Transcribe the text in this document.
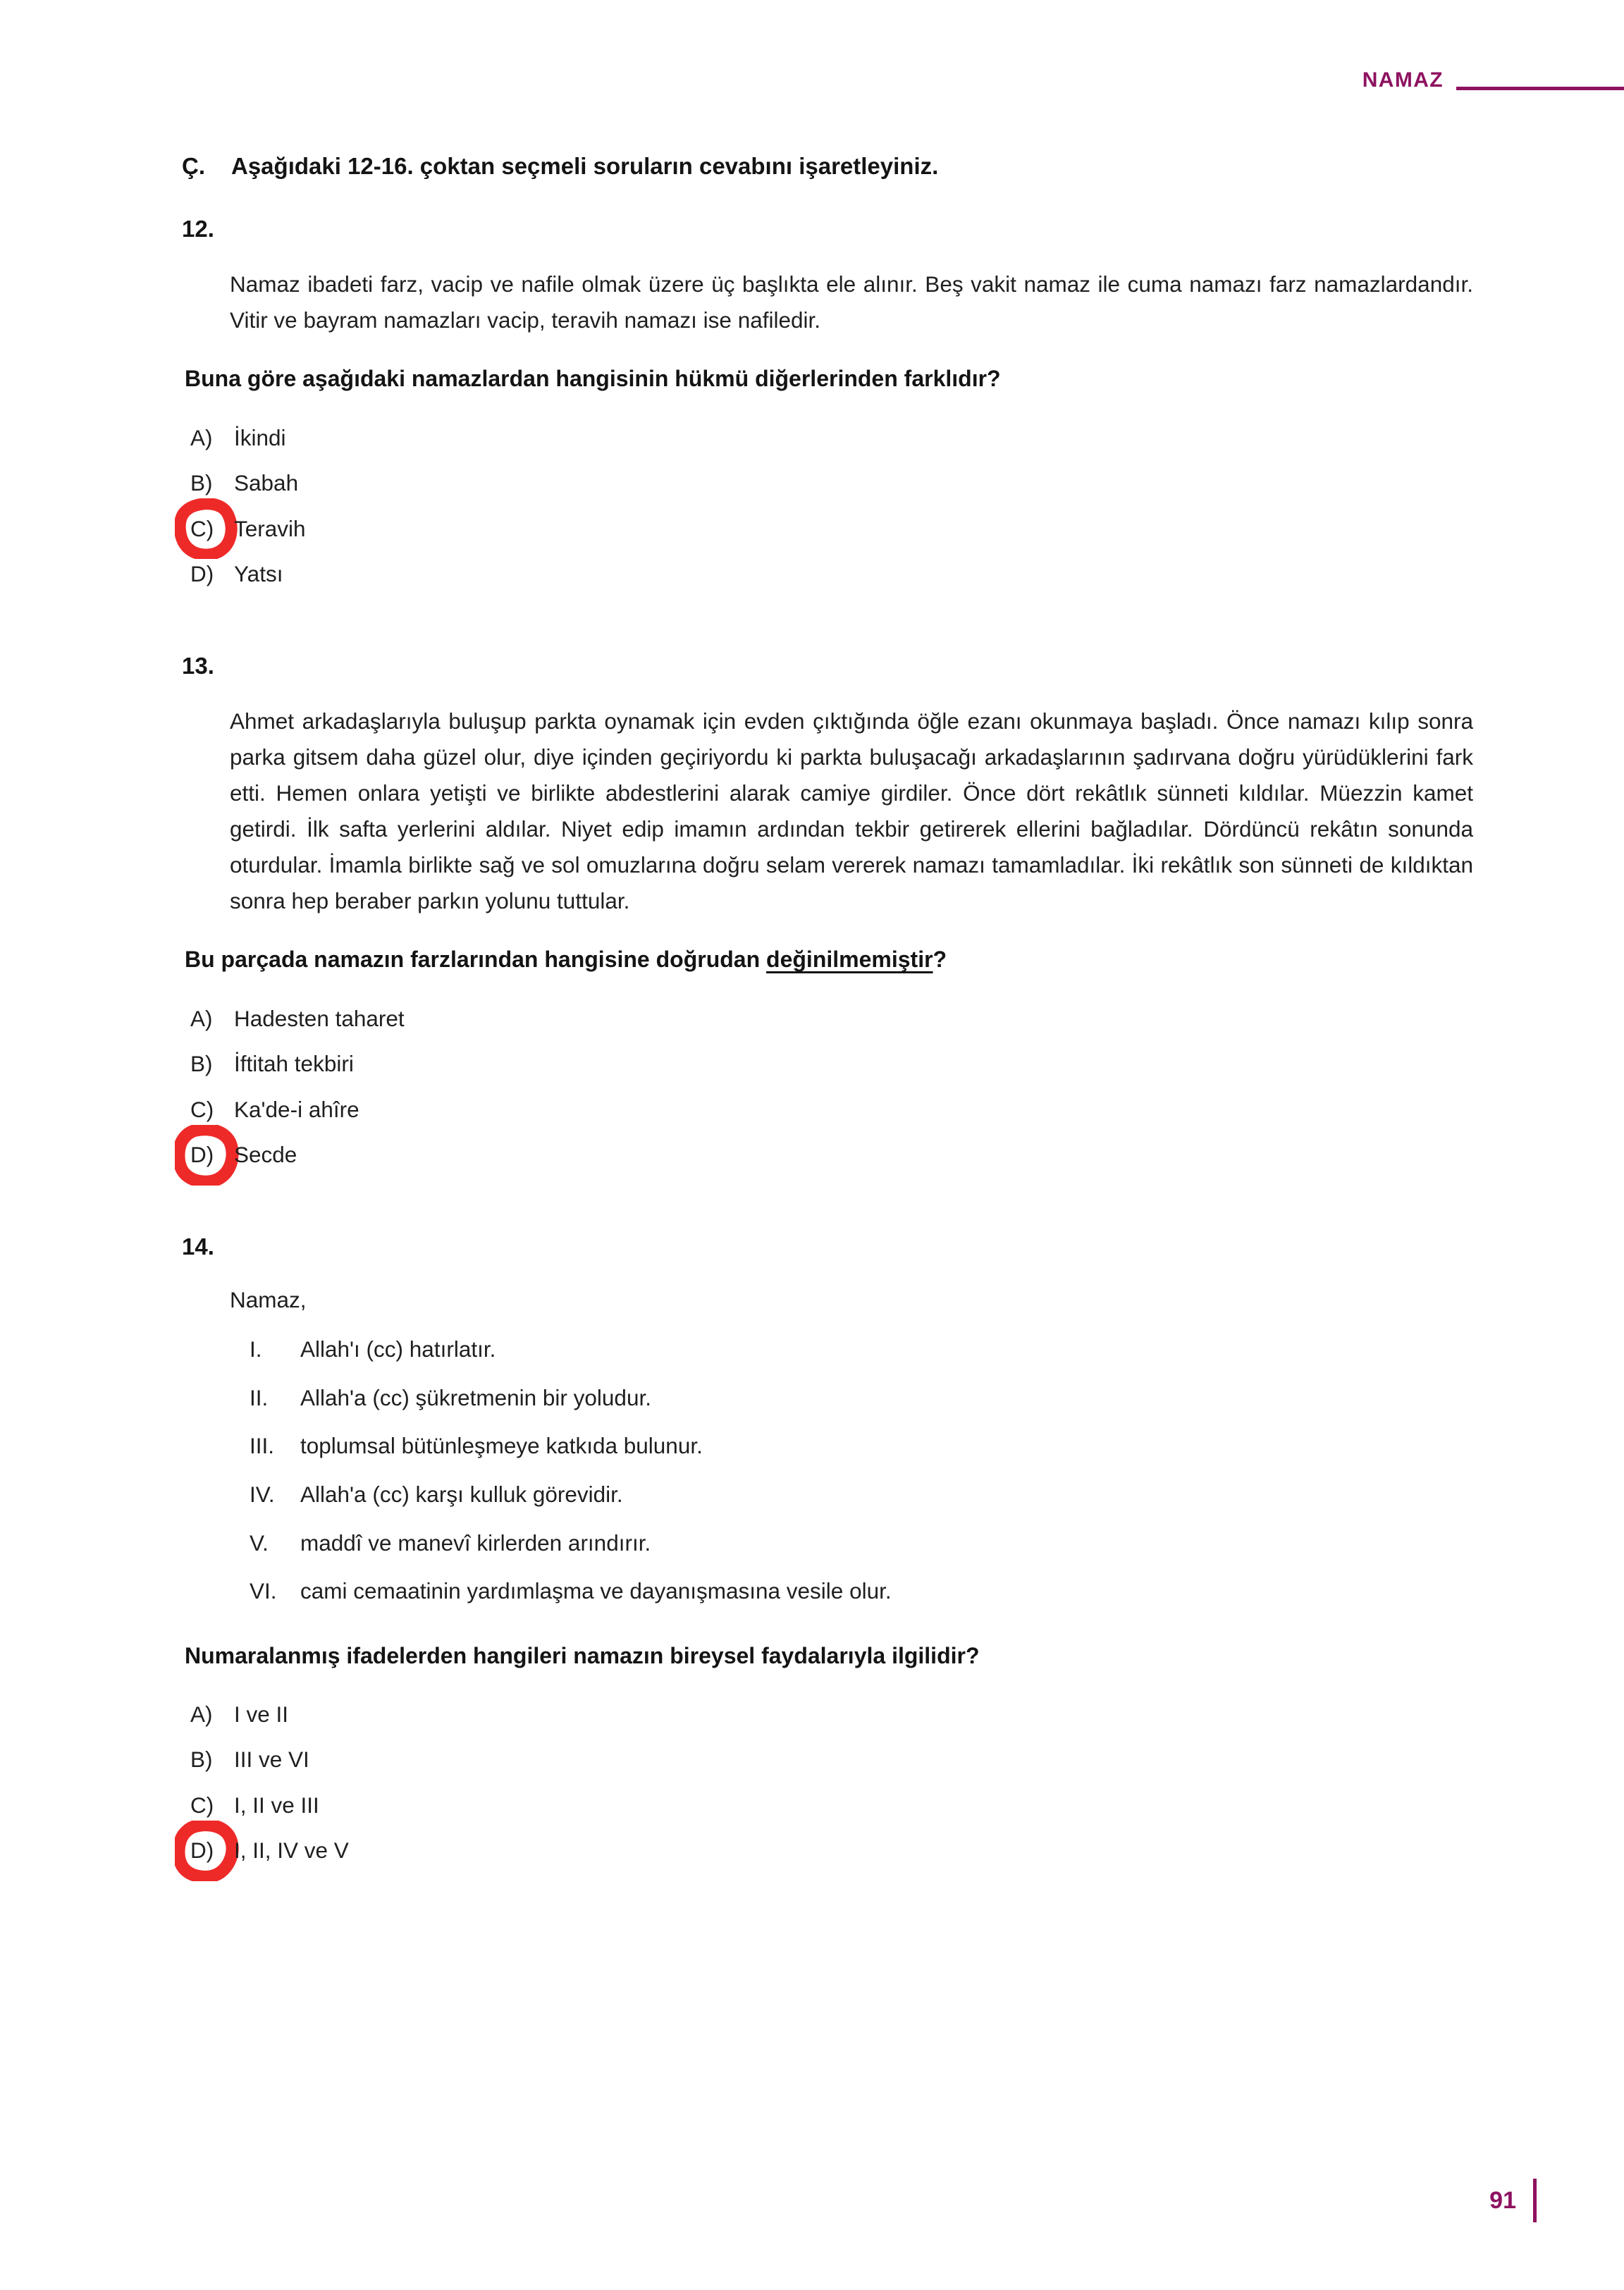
NAMAZ
Ç.	Aşağıdaki 12-16. çoktan seçmeli soruların cevabını işaretleyiniz.
12.

Namaz ibadeti farz, vacip ve nafile olmak üzere üç başlıkta ele alınır. Beş vakit namaz ile cuma namazı farz namazlardandır. Vitir ve bayram namazları vacip, teravih namazı ise nafiledir.

Buna göre aşağıdaki namazlardan hangisinin hükmü diğerlerinden farklıdır?
A) İkindi
B) Sabah
C) Teravih
D) Yatsı
13.

Ahmet arkadaşlarıyla buluşup parkta oynamak için evden çıktığında öğle ezanı okunmaya başladı. Önce namazı kılıp sonra parka gitsem daha güzel olur, diye içinden geçiriyordu ki parkta buluşacağı arkadaşlarının şadırvana doğru yürüdüklerini fark etti. Hemen onlara yetişti ve birlikte abdestlerini alarak camiye girdiler. Önce dört rekâtlık sünneti kıldılar. Müezzin kamet getirdi. İlk safta yerlerini aldılar. Niyet edip imamın ardından tekbir getirerek ellerini bağladılar. Dördüncü rekâtın sonunda oturdular. İmamla birlikte sağ ve sol omuzlarına doğru selam vererek namazı tamamladılar. İki rekâtlık son sünneti de kıldıktan sonra hep beraber parkın yolunu tuttular.

Bu parçada namazın farzlarından hangisine doğrudan değinilmemiştir?
A) Hadesten taharet
B) İftitah tekbiri
C) Ka'de-i ahîre
D) Secde
14.
Namaz,
I.	Allah'ı (cc) hatırlatır.
II.	Allah'a (cc) şükretmenin bir yoludur.
III.	toplumsal bütünleşmeye katkıda bulunur.
IV.	Allah'a (cc) karşı kulluk görevidir.
V.	maddî ve manevî kirlerden arındırır.
VI.	cami cemaatinin yardımlaşma ve dayanışmasına vesile olur.
Numaralanmış ifadelerden hangileri namazın bireysel faydalarıyla ilgilidir?
A) I ve II
B) III ve VI
C) I, II ve III
D) I, II, IV ve V
91
